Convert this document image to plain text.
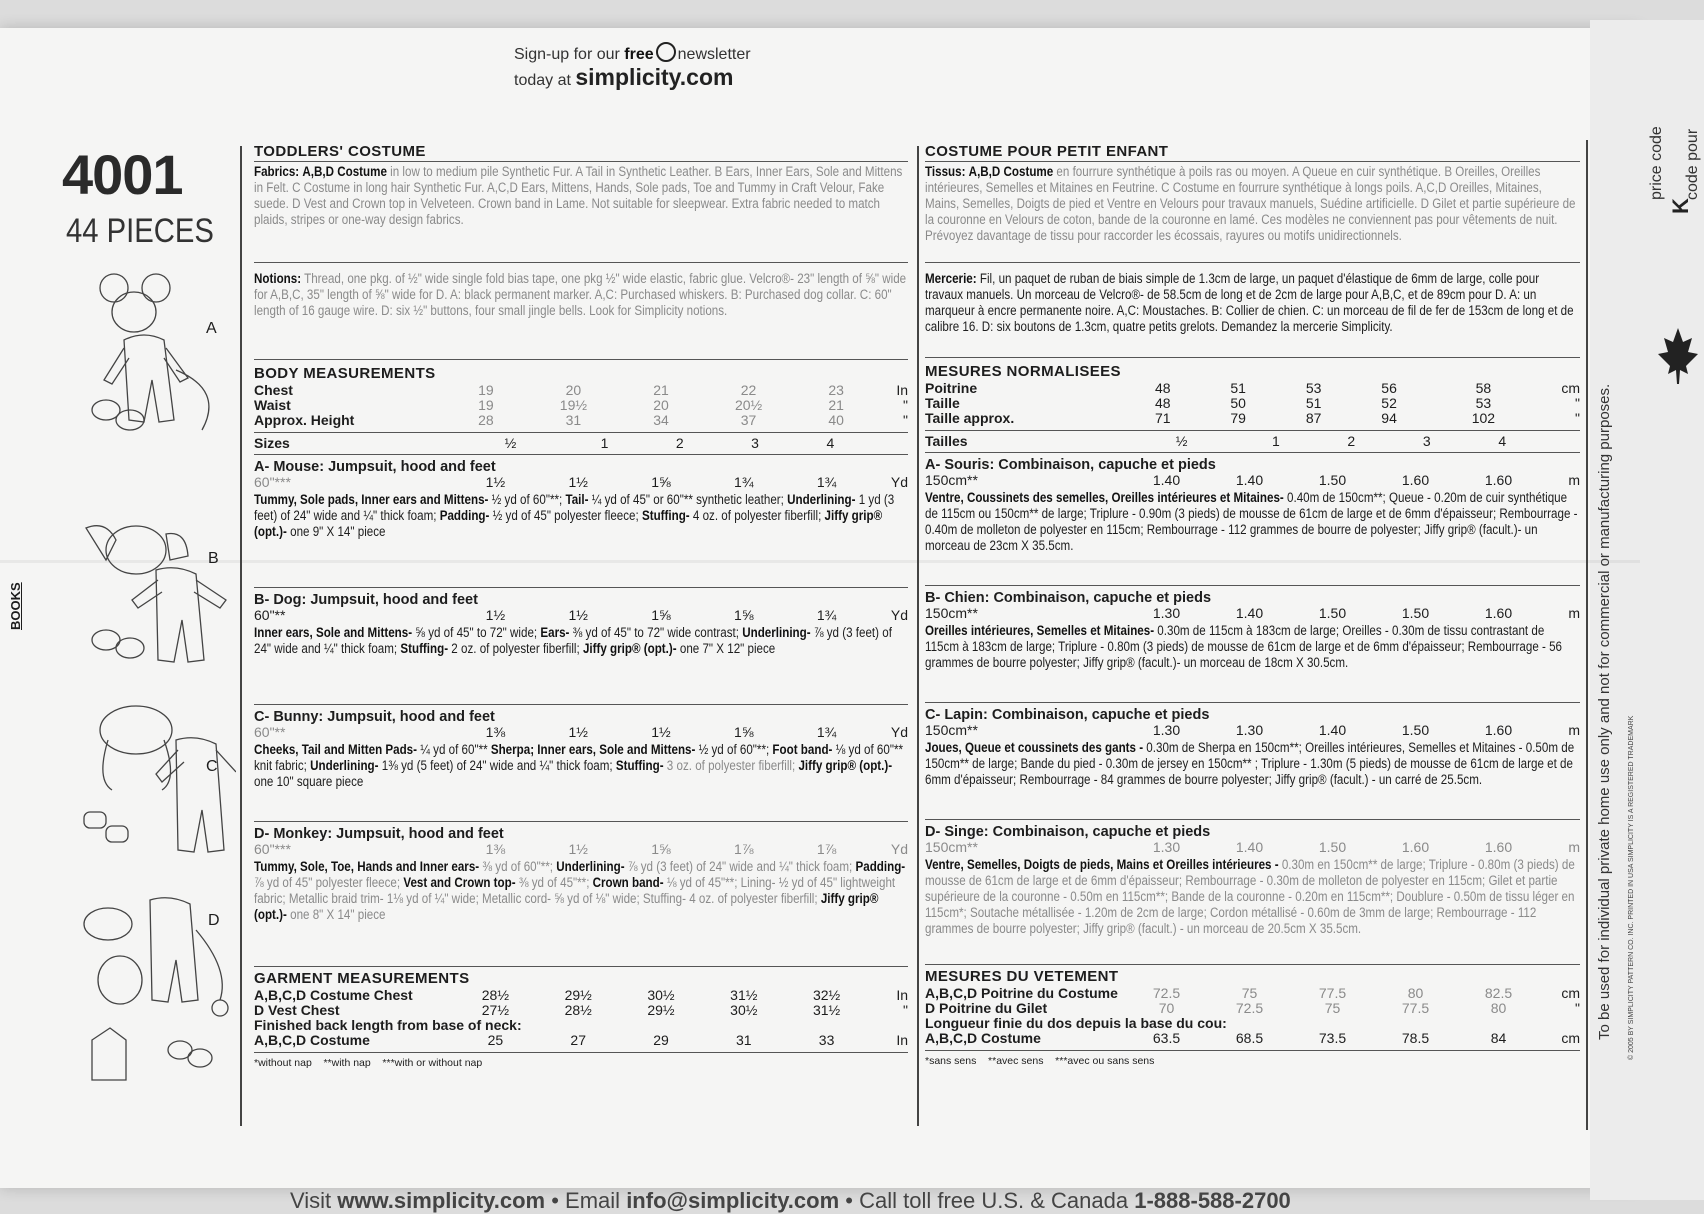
Sign-up for our free newsletter
today at simplicity.com
4001
44 PIECES
BOOKS
A
B
C
D
TODDLERS' COSTUME
Fabrics: A,B,D Costume in low to medium pile Synthetic Fur. A Tail in Synthetic Leather. B Ears, Inner Ears, Sole and Mittens in Felt. C Costume in long hair Synthetic Fur. A,C,D Ears, Mittens, Hands, Sole pads, Toe and Tummy in Craft Velour, Fake suede. D Vest and Crown top in Velveteen. Crown band in Lame. Not suitable for sleepwear. Extra fabric needed to match plaids, stripes or one-way design fabrics.
Notions: Thread, one pkg. of ½" wide single fold bias tape, one pkg ½" wide elastic, fabric glue. Velcro®- 23" length of ⅝" wide for A,B,C, 35" length of ⅝" wide for D. A: black permanent marker. A,C: Purchased whiskers. B: Purchased dog collar. C: 60" length of 16 gauge wire. D: six ½" buttons, four small jingle bells. Look for Simplicity notions.
BODY MEASUREMENTS
Chest	19	20	21	22	23	In
Waist	19	19½	20	20½	21	"
Approx. Height	28	31	34	37	40	"
Sizes	½	1	2	3	4	
A- Mouse: Jumpsuit, hood and feet
60"***	1½	1½	1⅝	1¾	1¾	Yd
Tummy, Sole pads, Inner ears and Mittens- ½ yd of 60"**; Tail- ¼ yd of 45" or 60"** synthetic leather; Underlining- 1 yd (3 feet) of 24" wide and ¼" thick foam; Padding- ½ yd of 45" polyester fleece; Stuffing- 4 oz. of polyester fiberfill; Jiffy grip® (opt.)- one 9" X 14" piece
B- Dog: Jumpsuit, hood and feet
60"**	1½	1½	1⅝	1⅝	1¾	Yd
Inner ears, Sole and Mittens- ⅝ yd of 45" to 72" wide; Ears- ⅜ yd of 45" to 72" wide contrast; Underlining- ⅞ yd (3 feet) of 24" wide and ¼" thick foam; Stuffing- 2 oz. of polyester fiberfill; Jiffy grip® (opt.)- one 7" X 12" piece
C- Bunny: Jumpsuit, hood and feet
60"**	1⅜	1½	1½	1⅝	1¾	Yd
Cheeks, Tail and Mitten Pads- ¼ yd of 60"** Sherpa; Inner ears, Sole and Mittens- ½ yd of 60"**; Foot band- ⅛ yd of 60"** knit fabric; Underlining- 1⅜ yd (5 feet) of 24" wide and ¼" thick foam; Stuffing- 3 oz. of polyester fiberfill; Jiffy grip® (opt.)- one 10" square piece
D- Monkey: Jumpsuit, hood and feet
60"***	1⅜	1½	1⅝	1⅞	1⅞	Yd
Tummy, Sole, Toe, Hands and Inner ears- ⅜ yd of 60"**; Underlining- ⅞ yd (3 feet) of 24" wide and ¼" thick foam; Padding- ⅞ yd of 45" polyester fleece; Vest and Crown top- ⅜ yd of 45"**; Crown band- ⅛ yd of 45"**; Lining- ½ yd of 45" lightweight fabric; Metallic braid trim- 1⅛ yd of ¼" wide; Metallic cord- ⅝ yd of ⅛" wide; Stuffing- 4 oz. of polyester fiberfill; Jiffy grip® (opt.)- one 8" X 14" piece
GARMENT MEASUREMENTS
A,B,C,D Costume Chest	28½	29½	30½	31½	32½	In
D Vest Chest	27½	28½	29½	30½	31½	"
Finished back length from base of neck:						
A,B,C,D Costume	25	27	29	31	33	In
*without nap    **with nap    ***with or without nap
COSTUME POUR PETIT ENFANT
Tissus: A,B,D Costume en fourrure synthétique à poils ras ou moyen. A Queue en cuir synthétique. B Oreilles, Oreilles intérieures, Semelles et Mitaines en Feutrine. C Costume en fourrure synthétique à longs poils. A,C,D Oreilles, Mitaines, Mains, Semelles, Doigts de pied et Ventre en Velours pour travaux manuels, Suédine artificielle. D Gilet et partie supérieure de la couronne en Velours de coton, bande de la couronne en lamé. Ces modèles ne conviennent pas pour vêtements de nuit. Prévoyez davantage de tissu pour raccorder les écossais, rayures ou motifs unidirectionnels.
Mercerie: Fil, un paquet de ruban de biais simple de 1.3cm de large, un paquet d'élastique de 6mm de large, colle pour travaux manuels. Un morceau de Velcro®- de 58.5cm de long et de 2cm de large pour A,B,C, et de 89cm pour D. A: un marqueur à encre permanente noire. A,C: Moustaches. B: Collier de chien. C: un morceau de fil de fer de 153cm de long et de calibre 16. D: six boutons de 1.3cm, quatre petits grelots. Demandez la mercerie Simplicity.
MESURES NORMALISEES
Poitrine	48	51	53	56	58	cm
Taille	48	50	51	52	53	"
Taille approx.	71	79	87	94	102	"
Tailles	½	1	2	3	4	
A- Souris: Combinaison, capuche et pieds
150cm**	1.40	1.40	1.50	1.60	1.60	m
Ventre, Coussinets des semelles, Oreilles intérieures et Mitaines- 0.40m de 150cm**; Queue - 0.20m de cuir synthétique de 115cm ou 150cm** de large; Triplure - 0.90m (3 pieds) de mousse de 61cm de large et de 6mm d'épaisseur; Rembourrage - 0.40m de molleton de polyester en 115cm; Rembourrage - 112 grammes de bourre de polyester; Jiffy grip® (facult.)- un morceau de 23cm X 35.5cm.
B- Chien: Combinaison, capuche et pieds
150cm**	1.30	1.40	1.50	1.50	1.60	m
Oreilles intérieures, Semelles et Mitaines- 0.30m de 115cm à 183cm de large; Oreilles - 0.30m de tissu contrastant de 115cm à 183cm de large; Triplure - 0.80m (3 pieds) de mousse de 61cm de large et de 6mm d'épaisseur; Rembourrage - 56 grammes de bourre polyester; Jiffy grip® (facult.)- un morceau de 18cm X 30.5cm.
C- Lapin: Combinaison, capuche et pieds
150cm**	1.30	1.30	1.40	1.50	1.60	m
Joues, Queue et coussinets des gants - 0.30m de Sherpa en 150cm**; Oreilles intérieures, Semelles et Mitaines - 0.50m de 150cm** de large; Bande du pied - 0.30m de jersey en 150cm** ; Triplure - 1.30m (5 pieds) de mousse de 61cm de large et de 6mm d'épaisseur; Rembourrage - 84 grammes de bourre polyester; Jiffy grip® (facult.) - un carré de 25.5cm.
D- Singe: Combinaison, capuche et pieds
150cm**	1.30	1.40	1.50	1.60	1.60	m
Ventre, Semelles, Doigts de pieds, Mains et Oreilles intérieures - 0.30m en 150cm** de large; Triplure - 0.80m (3 pieds) de mousse de 61cm de large et de 6mm d'épaisseur; Rembourrage - 0.30m de molleton de polyester en 115cm; Gilet et partie supérieure de la couronne - 0.50m en 115cm**; Bande de la couronne - 0.20m en 115cm**; Doublure - 0.50m de tissu léger en 115cm*; Soutache métallisée - 1.20m de 2cm de large; Cordon métallisé - 0.60m de 3mm de large; Rembourrage - 112 grammes de bourre polyester; Jiffy grip® (facult.) - un morceau de 20.5cm X 35.5cm.
MESURES DU VETEMENT
A,B,C,D Poitrine du Costume	72.5	75	77.5	80	82.5	cm
D Poitrine du Gilet	70	72.5	75	77.5	80	"
Longueur finie du dos depuis la base du cou:						
A,B,C,D Costume	63.5	68.5	73.5	78.5	84	cm
*sans sens    **avec sens    ***avec ou sans sens
To be used for individual private home use only and not for commercial or manufacturing purposes. © 2005 BY SIMPLICITY PATTERN CO. INC. PRINTED IN USA SIMPLICITY IS A REGISTERED TRADEMARK
price code
K
code pour
Visit www.simplicity.com • Email info@simplicity.com • Call toll free U.S. & Canada 1-888-588-2700
